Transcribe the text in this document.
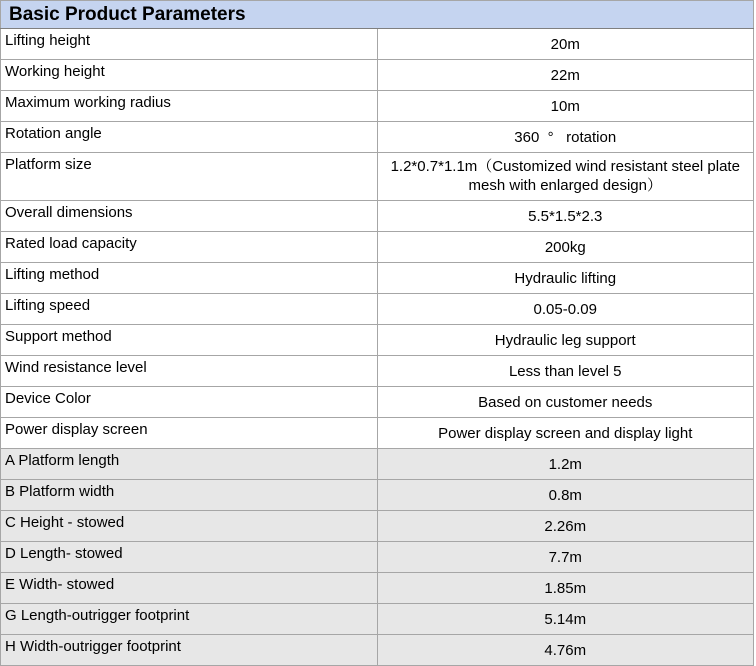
Basic Product Parameters	
Lifting height	20m
Working height	22m
Maximum working radius	10m
Rotation angle	360  °   rotation
Platform size	1.2*0.7*1.1m（Customized wind resistant steel plate mesh with enlarged design）
Overall dimensions	5.5*1.5*2.3
Rated load capacity	200kg
Lifting method	Hydraulic lifting
Lifting speed	0.05-0.09
Support method	Hydraulic leg support
Wind resistance level	Less than level 5
Device Color	Based on customer needs
Power display screen	Power display screen and display light
A Platform length	1.2m
B Platform width	0.8m
C Height - stowed	2.26m
D Length- stowed	7.7m
E Width- stowed	1.85m
G Length-outrigger footprint	5.14m
H Width-outrigger footprint	4.76m
